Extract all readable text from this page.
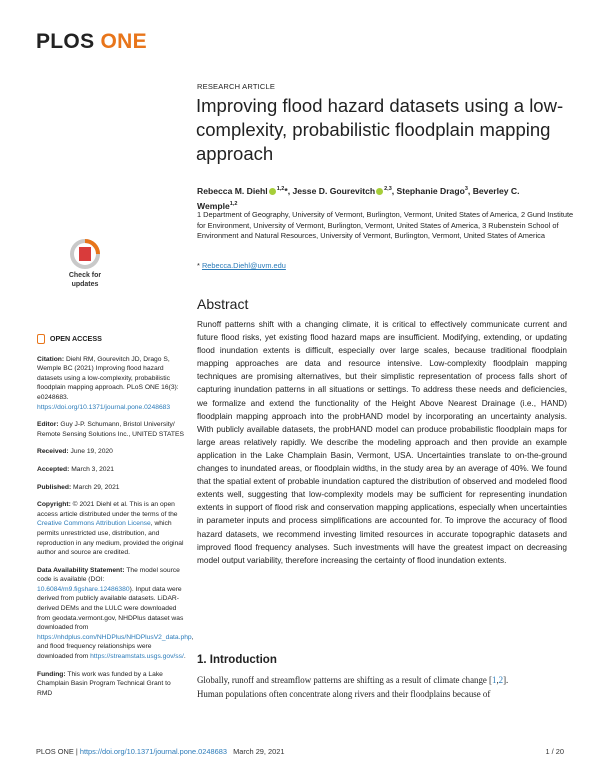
PLOS ONE
RESEARCH ARTICLE
Improving flood hazard datasets using a low-complexity, probabilistic floodplain mapping approach
Rebecca M. Diehl $^{1,2}$*, Jesse D. Gourevitch $^{2,3}$, Stephanie Drago$^3$, Beverley C. Wemple$^{1,2}$
1 Department of Geography, University of Vermont, Burlington, Vermont, United States of America, 2 Gund Institute for Environment, University of Vermont, Burlington, Vermont, United States of America, 3 Rubenstein School of Environment and Natural Resources, University of Vermont, Burlington, Vermont, United States of America
* Rebecca.Diehl@uvm.edu
Check for
updates
Abstract
Runoff patterns shift with a changing climate, it is critical to effectively communicate current and future flood risks, yet existing flood hazard maps are insufficient. Modifying, extending, or updating flood inundation extents is difficult, especially over large scales, because traditional floodplain mapping approaches are data and resource intensive. Low-complexity floodplain mapping techniques are promising alternatives, but their simplistic representation of process falls short of capturing inundation patterns in all situations or settings. To address these needs and deficiencies, we formalize and extend the functionality of the Height Above Nearest Drainage (i.e., HAND) floodplain mapping approach into the probHAND model by incorporating an uncertainty analysis. With publicly available datasets, the probHAND model can produce probabilistic floodplain maps for large areas relatively rapidly. We describe the modeling approach and then provide an example application in the Lake Champlain Basin, Vermont, USA. Uncertainties translate to on-the-ground changes to inundated areas, or floodplain widths, in the study area by an average of 40%. We found that the spatial extent of probable inundation captured the distribution of observed and modeled flood extents well, suggesting that low-complexity models may be sufficient for representing inundation extents in support of flood risk and conservation mapping applications, especially when uncertainties in parameter inputs and process simplifications are accounted for. To improve the accuracy of flood hazard datasets, we recommend investing limited resources in accurate topographic datasets and improved flood frequency analyses. Such investments will have the greatest impact on decreasing model output variability, therefore increasing the certainty of flood inundation extents.

OPEN ACCESS

Citation: Diehl RM, Gourevitch JD, Drago S, Wemple BC (2021) Improving flood hazard datasets using a low-complexity, probabilistic floodplain mapping approach. PLoS ONE 16(3): e0248683. https://doi.org/10.1371/journal.pone.0248683

Editor: Guy J-P. Schumann, Bristol University/ Remote Sensing Solutions Inc., UNITED STATES

Received: June 19, 2020

Accepted: March 3, 2021

Published: March 29, 2021

Copyright: © 2021 Diehl et al. This is an open access article distributed under the terms of the Creative Commons Attribution License, which permits unrestricted use, distribution, and reproduction in any medium, provided the original author and source are credited.

Data Availability Statement: The model source code is available (DOI: 10.6084/m9.figshare.12486380). Input data were derived from publicly available datasets. LiDAR-derived DEMs and the LULC were downloaded from geodata.vermont.gov, NHDPlus dataset was downloaded from https://nhdplus.com/NHDPlus/NHDPlusV2_data.php, and flood frequency relationships were downloaded from https://streamstats.usgs.gov/ss/.

Funding: This work was funded by a Lake Champlain Basin Program Technical Grant to RMD

1. Introduction
Globally, runoff and streamflow patterns are shifting as a result of climate change [1,2].
Human populations often concentrate along rivers and their floodplains because of
PLOS ONE | https://doi.org/10.1371/journal.pone.0248683 March 29, 2021	1 / 20
